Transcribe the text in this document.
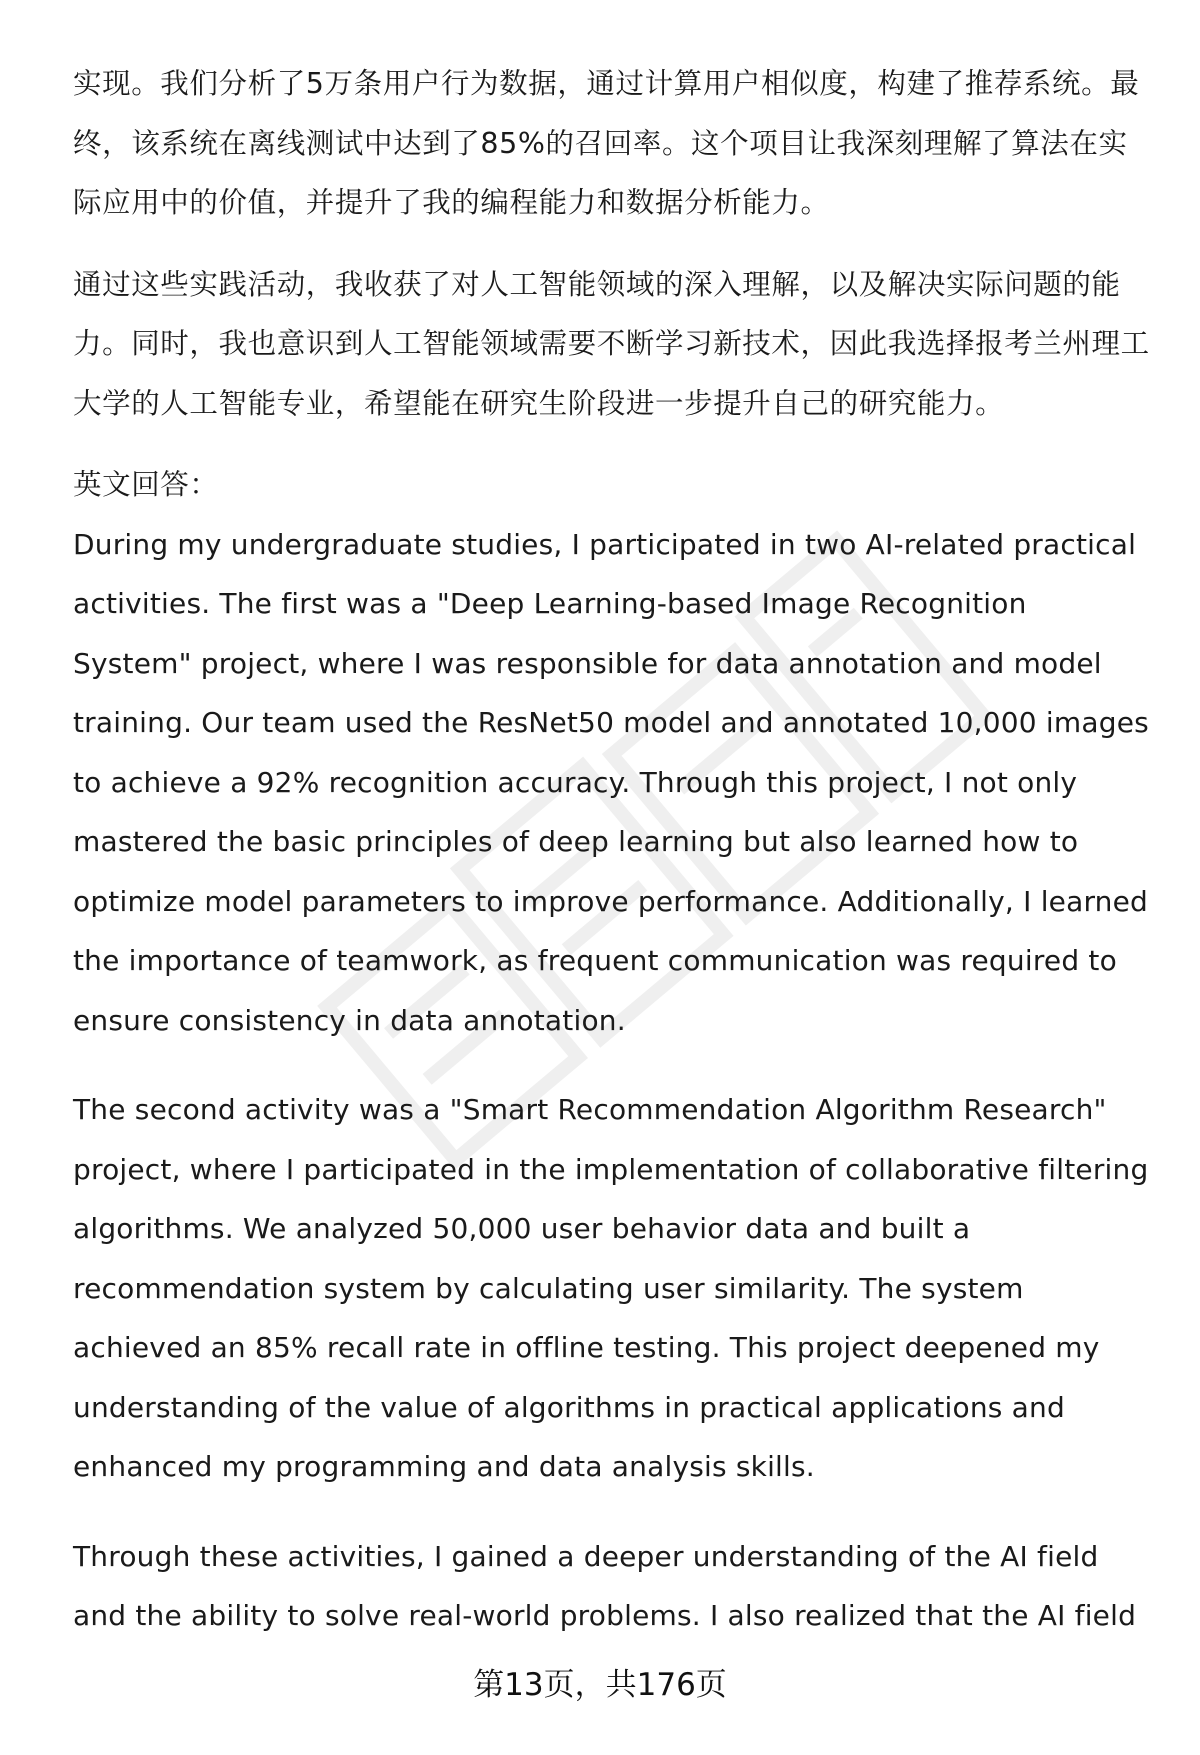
实现。我们分析了5万条用户行为数据，通过计算用户相似度，构建了推荐系统。最终，该系统在离线测试中达到了85%的召回率。这个项目让我深刻理解了算法在实际应用中的价值，并提升了我的编程能力和数据分析能力。

通过这些实践活动，我收获了对人工智能领域的深入理解，以及解决实际问题的能力。同时，我也意识到人工智能领域需要不断学习新技术，因此我选择报考兰州理工大学的人工智能专业，希望能在研究生阶段进一步提升自己的研究能力。

英文回答：

During my undergraduate studies, I participated in two AI-related practical activities. The first was a "Deep Learning-based Image Recognition System" project, where I was responsible for data annotation and model training. Our team used the ResNet50 model and annotated 10,000 images to achieve a 92% recognition accuracy. Through this project, I not only mastered the basic principles of deep learning but also learned how to optimize model parameters to improve performance. Additionally, I learned the importance of teamwork, as frequent communication was required to ensure consistency in data annotation.

The second activity was a "Smart Recommendation Algorithm Research" project, where I participated in the implementation of collaborative filtering algorithms. We analyzed 50,000 user behavior data and built a recommendation system by calculating user similarity. The system achieved an 85% recall rate in offline testing. This project deepened my understanding of the value of algorithms in practical applications and enhanced my programming and data analysis skills.

Through these activities, I gained a deeper understanding of the AI field and the ability to solve real-world problems. I also realized that the AI field

第13页，共176页
